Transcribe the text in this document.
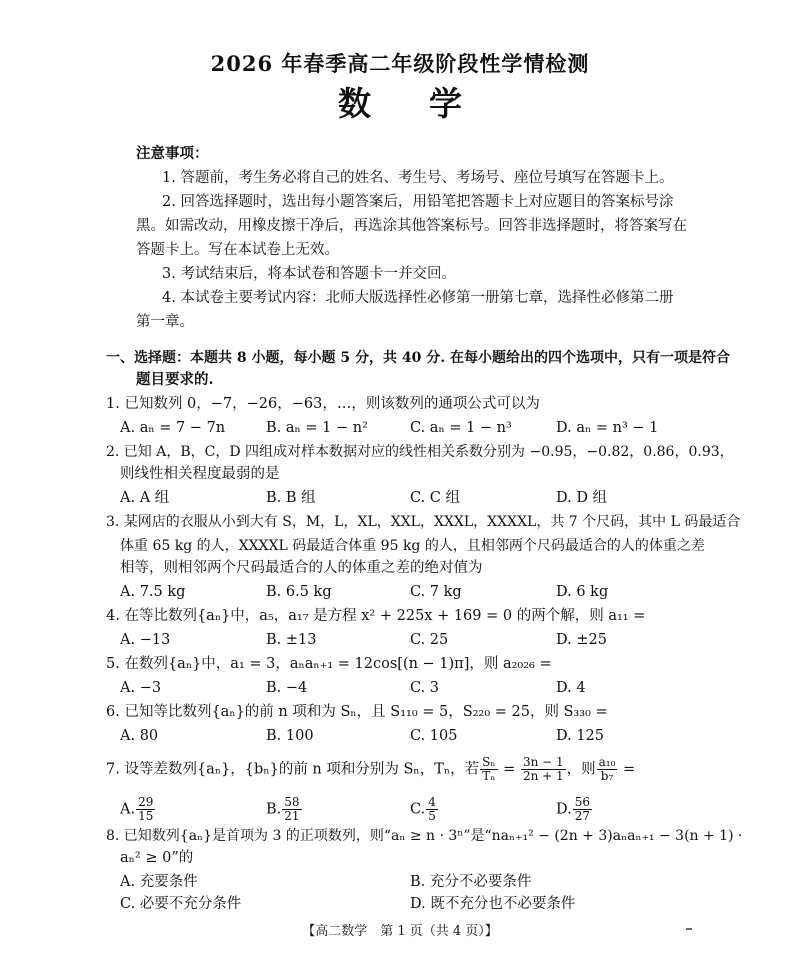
2026 年春季高二年级阶段性学情检测
数学
注意事项：
1. 答题前，考生务必将自己的姓名、考生号、考场号、座位号填写在答题卡上。
2. 回答选择题时，选出每小题答案后，用铅笔把答题卡上对应题目的答案标号涂
黑。如需改动，用橡皮擦干净后，再选涂其他答案标号。回答非选择题时，将答案写在
答题卡上。写在本试卷上无效。
3. 考试结束后，将本试卷和答题卡一并交回。
4. 本试卷主要考试内容：北师大版选择性必修第一册第七章，选择性必修第二册
第一章。
一、选择题：本题共 8 小题，每小题 5 分，共 40 分. 在每小题给出的四个选项中，只有一项是符合
题目要求的.
1. 已知数列 0，−7，−26，−63，…，则该数列的通项公式可以为
A. aₙ = 7 − 7n	B. aₙ = 1 − n²	C. aₙ = 1 − n³	D. aₙ = n³ − 1
2. 已知 A，B，C，D 四组成对样本数据对应的线性相关系数分别为 −0.95，−0.82，0.86，0.93，
则线性相关程度最弱的是
A. A 组	B. B 组	C. C 组	D. D 组
3. 某网店的衣服从小到大有 S，M，L，XL，XXL，XXXL，XXXXL，共 7 个尺码，其中 L 码最适合
体重 65 kg 的人，XXXXL 码最适合体重 95 kg 的人，且相邻两个尺码最适合的人的体重之差
相等，则相邻两个尺码最适合的人的体重之差的绝对值为
A. 7.5 kg	B. 6.5 kg	C. 7 kg	D. 6 kg
4. 在等比数列{aₙ}中，a₅，a₁₇ 是方程 x² + 225x + 169 = 0 的两个解，则 a₁₁ =
A. −13	B. ±13	C. 25	D. ±25
5. 在数列{aₙ}中，a₁ = 3，aₙaₙ₊₁ = 12cos[(n − 1)π]，则 a₂₀₂₆ =
A. −3	B. −4	C. 3	D. 4
6. 已知等比数列{aₙ}的前 n 项和为 Sₙ，且 S₁₁₀ = 5，S₂₂₀ = 25，则 S₃₃₀ =
A. 80	B. 100	C. 105	D. 125
7. 设等差数列{aₙ}，{bₙ}的前 n 项和分别为 Sₙ，Tₙ，若 $\frac{\text{Sₙ}}{\text{Tₙ}} = \frac{3n - 1}{2n + 1}$ ，则 $\frac{\text{a₁₀}}{\text{b₇}}$ =
A. $\frac{29}{15}$	B. $\frac{58}{21}$	C. $\frac{4}{5}$	D. $\frac{56}{27}$
8. 已知数列{aₙ}是首项为 3 的正项数列，则“aₙ ≥ n · 3ⁿ”是“naₙ₊₁² − (2n + 3)aₙaₙ₊₁ − 3(n + 1) ·
aₙ² ≥ 0”的
A. 充要条件	B. 充分不必要条件
C. 必要不充分条件	D. 既不充分也不必要条件
【高二数学　第 1 页（共 4 页）】
